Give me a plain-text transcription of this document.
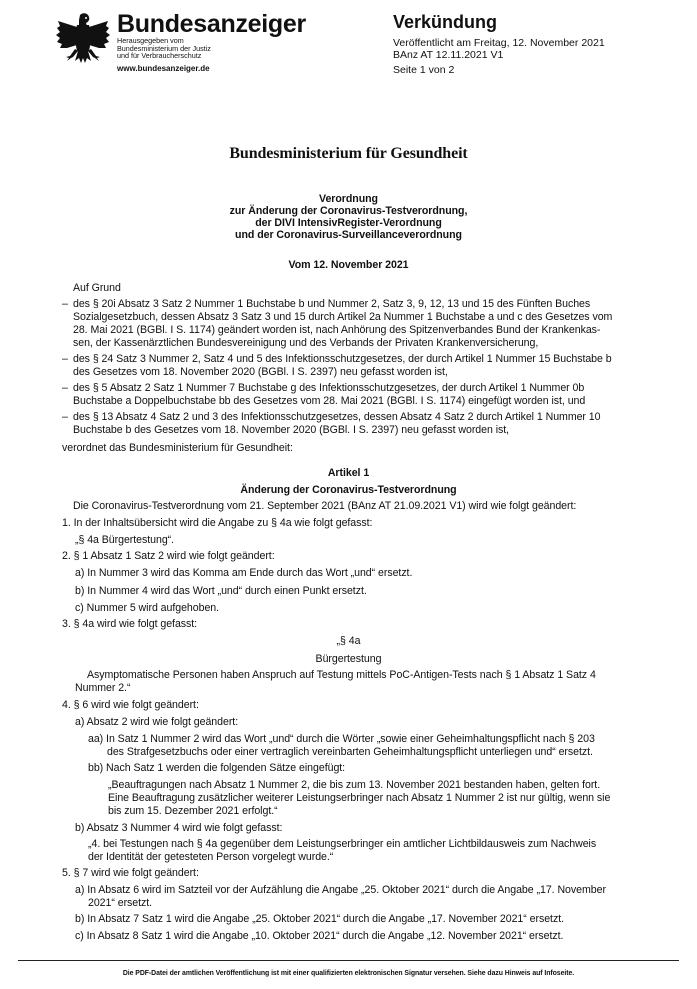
Bundesanzeiger
Herausgegeben vom
Bundesministerium der Justiz
und für Verbraucherschutz
www.bundesanzeiger.de
Verkündung
Veröffentlicht am Freitag, 12. November 2021
BAnz AT 12.11.2021 V1
Seite 1 von 2
Bundesministerium für Gesundheit
Verordnung
zur Änderung der Coronavirus-Testverordnung,
der DIVI IntensivRegister-Verordnung
und der Coronavirus-Surveillanceverordnung
Vom 12. November 2021
Auf Grund
– des § 20i Absatz 3 Satz 2 Nummer 1 Buchstabe b und Nummer 2, Satz 3, 9, 12, 13 und 15 des Fünften Buches
Sozialgesetzbuch, dessen Absatz 3 Satz 3 und 15 durch Artikel 2a Nummer 1 Buchstabe a und c des Gesetzes vom
28. Mai 2021 (BGBl. I S. 1174) geändert worden ist, nach Anhörung des Spitzenverbandes Bund der Krankenkas-
sen, der Kassenärztlichen Bundesvereinigung und des Verbands der Privaten Krankenversicherung,
– des § 24 Satz 3 Nummer 2, Satz 4 und 5 des Infektionsschutzgesetzes, der durch Artikel 1 Nummer 15 Buchstabe b
des Gesetzes vom 18. November 2020 (BGBl. I S. 2397) neu gefasst worden ist,
– des § 5 Absatz 2 Satz 1 Nummer 7 Buchstabe g des Infektionsschutzgesetzes, der durch Artikel 1 Nummer 0b
Buchstabe a Doppelbuchstabe bb des Gesetzes vom 28. Mai 2021 (BGBl. I S. 1174) eingefügt worden ist, und
– des § 13 Absatz 4 Satz 2 und 3 des Infektionsschutzgesetzes, dessen Absatz 4 Satz 2 durch Artikel 1 Nummer 10
Buchstabe b des Gesetzes vom 18. November 2020 (BGBl. I S. 2397) neu gefasst worden ist,
verordnet das Bundesministerium für Gesundheit:
Artikel 1
Änderung der Coronavirus-Testverordnung
Die Coronavirus-Testverordnung vom 21. September 2021 (BAnz AT 21.09.2021 V1) wird wie folgt geändert:
1. In der Inhaltsübersicht wird die Angabe zu § 4a wie folgt gefasst:
„§ 4a Bürgertestung“.
2. § 1 Absatz 1 Satz 2 wird wie folgt geändert:
a) In Nummer 3 wird das Komma am Ende durch das Wort „und“ ersetzt.
b) In Nummer 4 wird das Wort „und“ durch einen Punkt ersetzt.
c) Nummer 5 wird aufgehoben.
3. § 4a wird wie folgt gefasst:
„§ 4a
Bürgertestung
Asymptomatische Personen haben Anspruch auf Testung mittels PoC-Antigen-Tests nach § 1 Absatz 1 Satz 4
Nummer 2.“
4. § 6 wird wie folgt geändert:
a) Absatz 2 wird wie folgt geändert:
aa) In Satz 1 Nummer 2 wird das Wort „und“ durch die Wörter „sowie einer Geheimhaltungspflicht nach § 203
des Strafgesetzbuchs oder einer vertraglich vereinbarten Geheimhaltungspflicht unterliegen und“ ersetzt.
bb) Nach Satz 1 werden die folgenden Sätze eingefügt:
„Beauftragungen nach Absatz 1 Nummer 2, die bis zum 13. November 2021 bestanden haben, gelten fort.
Eine Beauftragung zusätzlicher weiterer Leistungserbringer nach Absatz 1 Nummer 2 ist nur gültig, wenn sie
bis zum 15. Dezember 2021 erfolgt.“
b) Absatz 3 Nummer 4 wird wie folgt gefasst:
„4. bei Testungen nach § 4a gegenüber dem Leistungserbringer ein amtlicher Lichtbildausweis zum Nachweis
der Identität der getesteten Person vorgelegt wurde.“
5. § 7 wird wie folgt geändert:
a) In Absatz 6 wird im Satzteil vor der Aufzählung die Angabe „25. Oktober 2021“ durch die Angabe „17. November
2021“ ersetzt.
b) In Absatz 7 Satz 1 wird die Angabe „25. Oktober 2021“ durch die Angabe „17. November 2021“ ersetzt.
c) In Absatz 8 Satz 1 wird die Angabe „10. Oktober 2021“ durch die Angabe „12. November 2021“ ersetzt.
Die PDF-Datei der amtlichen Veröffentlichung ist mit einer qualifizierten elektronischen Signatur versehen. Siehe dazu Hinweis auf Infoseite.
